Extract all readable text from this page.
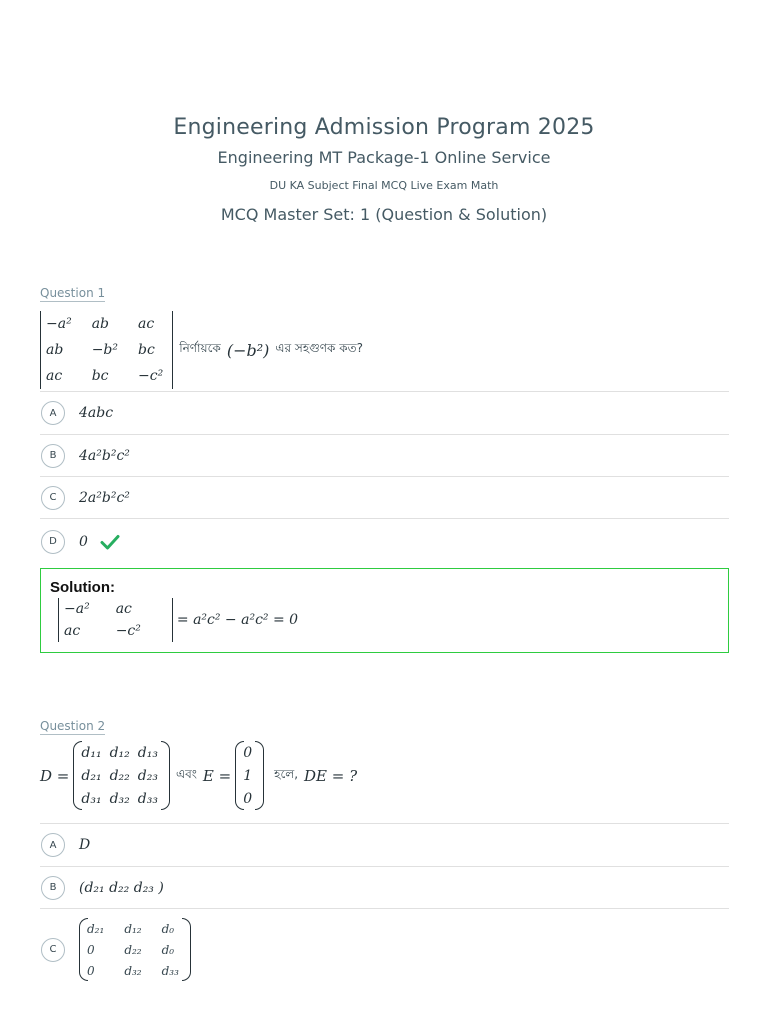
Engineering Admission Program 2025
Engineering MT Package-1 Online Service
DU KA Subject Final MCQ Live Exam Math
MCQ Master Set: 1 (Question & Solution)
Question 1
−a²	ab	ac
ab	−b²	bc
ac	bc	−c²
নির্ণায়কে (−b²) এর সহগুণক কত?
A	4abc
B	4a²b²c²
C	2a²b²c²
D	0
Solution:
−a²	ac
ac	−c²
= a²c² − a²c² = 0
Question 2
D =
d₁₁	d₁₂	d₁₃
d₂₁	d₂₂	d₂₃
d₃₁	d₃₂	d₃₃
এবং E =
0
1
0
হলে, DE = ?
A	D
B	(d₂₁ d₂₂ d₂₃ )
C
d₂₁	d₁₂	d₀
0	d₂₂	d₀
0	d₃₂	d₃₃
